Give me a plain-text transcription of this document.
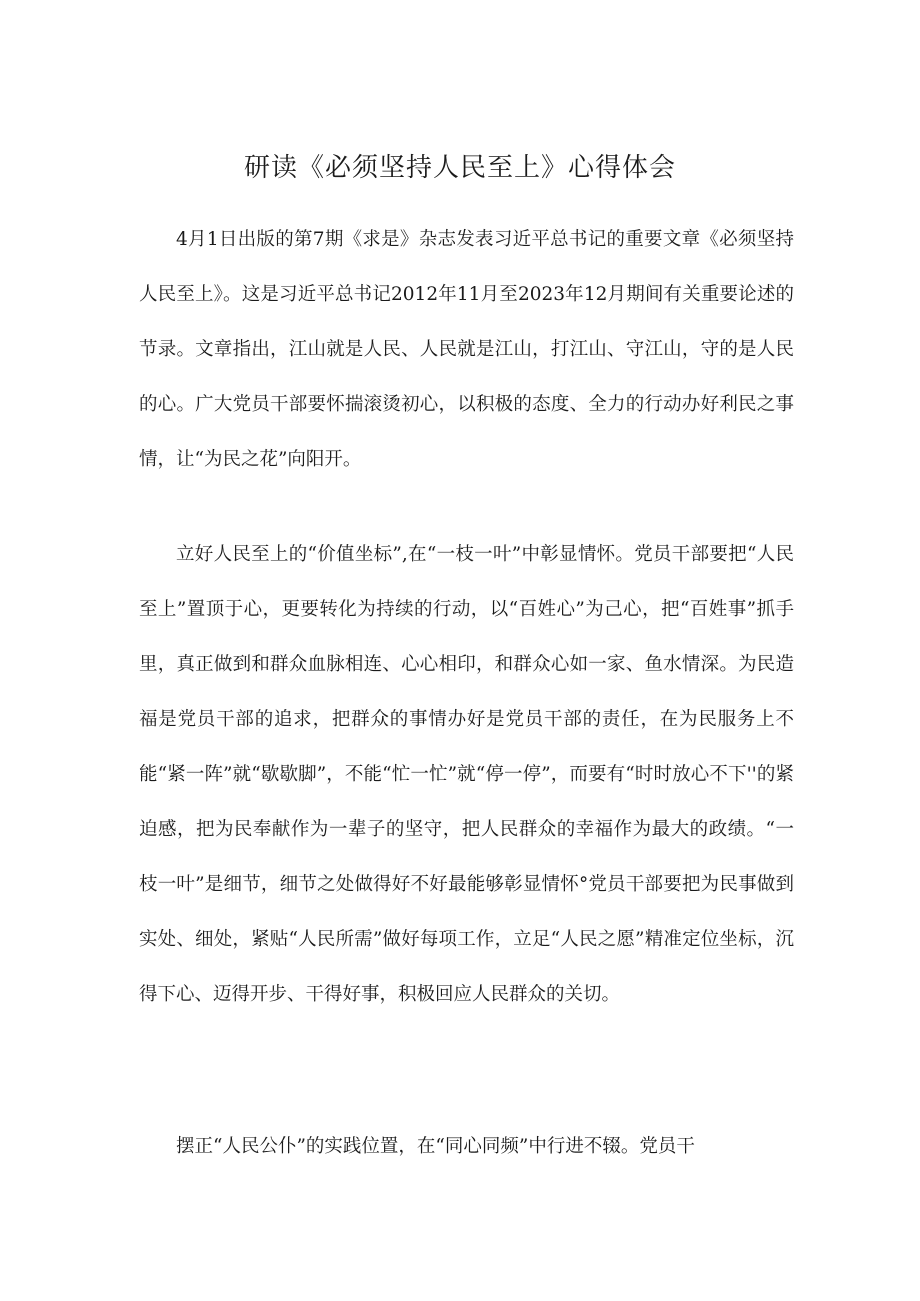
研读《必须坚持人民至上》心得体会

4月1日出版的第7期《求是》杂志发表习近平总书记的重要文章《必须坚持人民至上》。这是习近平总书记2012年11月至2023年12月期间有关重要论述的节录。文章指出，江山就是人民、人民就是江山，打江山、守江山，守的是人民的心。广大党员干部要怀揣滚烫初心，以积极的态度、全力的行动办好利民之事情，让“为民之花”向阳开。

立好人民至上的“价值坐标”,在“一枝一叶”中彰显情怀。党员干部要把“人民至上”置顶于心，更要转化为持续的行动，以“百姓心”为己心，把“百姓事”抓手里，真正做到和群众血脉相连、心心相印，和群众心如一家、鱼水情深。为民造福是党员干部的追求，把群众的事情办好是党员干部的责任，在为民服务上不能“紧一阵”就“歇歇脚”，不能“忙一忙”就“停一停”，而要有“时时放心不下''的紧迫感，把为民奉献作为一辈子的坚守，把人民群众的幸福作为最大的政绩。“一枝一叶”是细节，细节之处做得好不好最能够彰显情怀°党员干部要把为民事做到实处、细处，紧贴“人民所需”做好每项工作，立足“人民之愿”精准定位坐标，沉得下心、迈得开步、干得好事，积极回应人民群众的关切。

摆正“人民公仆”的实践位置，在“同心同频”中行进不辍。党员干
